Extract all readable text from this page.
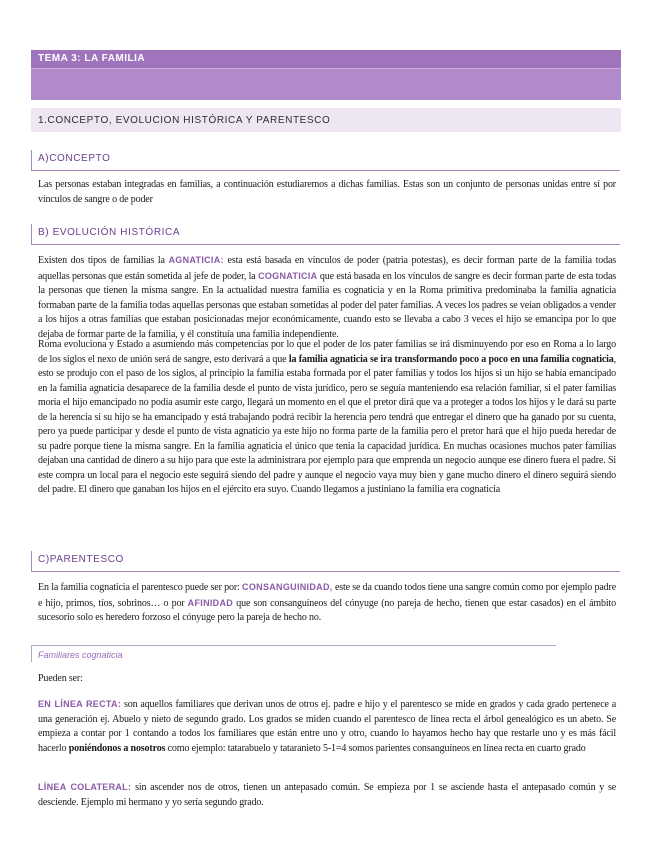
TEMA 3: LA FAMILIA
1.CONCEPTO, EVOLUCION HISTÓRICA Y PARENTESCO
A)CONCEPTO

Las personas estaban integradas en familias, a continuación estudiaremos a dichas familias. Estas son un conjunto de personas unidas entre sí por vínculos de sangre o de poder

B) EVOLUCIÓN HISTÓRICA

Existen dos tipos de familias la AGNATICIA: esta está basada en vínculos de poder (patria potestas), es decir forman parte de la familia todas aquellas personas que están sometida al jefe de poder, la COGNATICIA que está basada en los vínculos de sangre es decir forman parte de esta todas la personas que tienen la misma sangre. En la actualidad nuestra familia es cognaticia y en la Roma primitiva predominaba la familia agnaticia formaban parte de la familia todas aquellas personas que estaban sometidas al poder del pater familias. A veces los padres se veían obligados a vender a los hijos a otras familias que estaban posicionadas mejor económicamente, cuando esto se llevaba a cabo 3 veces el hijo se emancipa por lo que dejaba de formar parte de la familia, y él constituía una familia independiente.

Roma evoluciona y Estado a asumiendo más competencias por lo que el poder de los pater familias se irá disminuyendo por eso en Roma a lo largo de los siglos el nexo de unión será de sangre, esto derivará a que la familia agnaticia se ira transformando poco a poco en una familia cognaticia, esto se produjo con el paso de los siglos, al principio la familia estaba formada por el pater familias y todos los hijos si un hijo se había emancipado en la familia agnaticia desaparece de la familia desde el punto de vista jurídico, pero se seguía manteniendo esa relación familiar, si el pater familias moría el hijo emancipado no podía asumir este cargo, llegará un momento en el que el pretor dirá que va a proteger a todos los hijos y le dará su parte de la herencia si su hijo se ha emancipado y está trabajando podrá recibir la herencia pero tendrá que entregar el dinero que ha ganado por su cuenta, pero ya puede participar y desde el punto de vista agnaticio ya este hijo no forma parte de la familia pero el pretor hará que el hijo pueda heredar de su padre porque tiene la misma sangre. En la familia agnaticia el único que tenía la capacidad jurídica. En muchas ocasiones muchos pater familias dejaban una cantidad de dinero a su hijo para que este la administrara por ejemplo para que emprenda un negocio aunque ese dinero fuera el padre. Si este compra un local para el negocio este seguirá siendo del padre y aunque el negocio vaya muy bien y gane mucho dinero el dinero seguirá siendo del padre. El dinero que ganaban los hijos en el ejército era suyo. Cuando llegamos a justiniano la familia era cognaticia

C)PARENTESCO

En la familia cognaticia el parentesco puede ser por: CONSANGUINIDAD, este se da cuando todos tiene una sangre común como por ejemplo padre e hijo, primos, tíos, sobrinos… o por AFINIDAD que son consanguíneos del cónyuge (no pareja de hecho, tienen que estar casados) en el ámbito sucesorio solo es heredero forzoso el cónyuge pero la pareja de hecho no.

Familiares cognaticia

Pueden ser:

EN LÍNEA RECTA: son aquellos familiares que derivan unos de otros ej. padre e hijo y el parentesco se mide en grados y cada grado pertenece a una generación ej. Abuelo y nieto de segundo grado. Los grados se miden cuando el parentesco de línea recta el árbol genealógico es un abeto. Se empieza a contar por 1 contando a todos los familiares que están entre uno y otro, cuando lo hayamos hecho hay que restarle uno y es más fácil hacerlo poniéndonos a nosotros como ejemplo: tatarabuelo y tataranieto 5-1=4 somos parientes consanguíneos en línea recta en cuarto grado

LÍNEA COLATERAL: sin ascender nos de otros, tienen un antepasado común. Se empieza por 1 se asciende hasta el antepasado común y se desciende. Ejemplo mi hermano y yo sería segundo grado.
